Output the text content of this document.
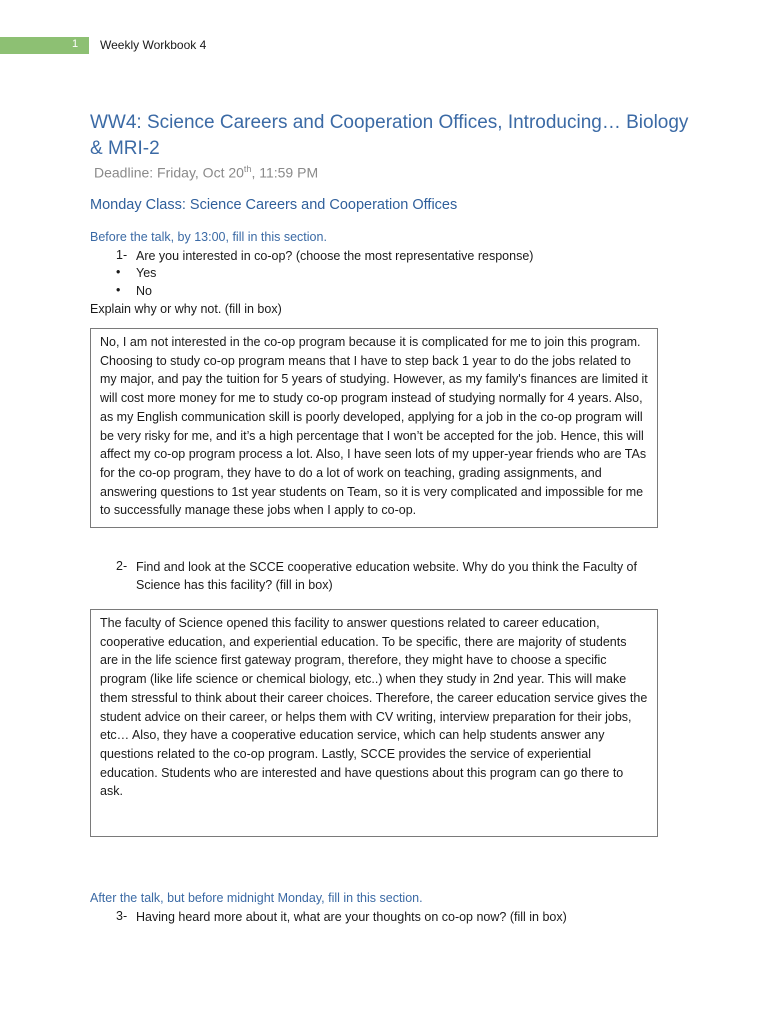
1 Weekly Workbook 4
WW4: Science Careers and Cooperation Offices, Introducing… Biology & MRI-2
Deadline: Friday, Oct 20th, 11:59 PM
Monday Class: Science Careers and Cooperation Offices
Before the talk, by 13:00, fill in this section.
1- Are you interested in co-op? (choose the most representative response)
• Yes
• No
Explain why or why not. (fill in box)
No, I am not interested in the co-op program because it is complicated for me to join this program. Choosing to study co-op program means that I have to step back 1 year to do the jobs related to my major, and pay the tuition for 5 years of studying. However, as my family's finances are limited it will cost more money for me to study co-op program instead of studying normally for 4 years. Also, as my English communication skill is poorly developed, applying for a job in the co-op program will be very risky for me, and it’s a high percentage that I won’t be accepted for the job. Hence, this will affect my co-op program process a lot. Also, I have seen lots of my upper-year friends who are TAs for the co-op program, they have to do a lot of work on teaching, grading assignments, and answering questions to 1st year students on Team, so it is very complicated and impossible for me to successfully manage these jobs when I apply to co-op.
2- Find and look at the SCCE cooperative education website. Why do you think the Faculty of
Science has this facility? (fill in box)
The faculty of Science opened this facility to answer questions related to career education, cooperative education, and experiential education. To be specific, there are majority of students are in the life science first gateway program, therefore, they might have to choose a specific program (like life science or chemical biology, etc..) when they study in 2nd year. This will make them stressful to think about their career choices. Therefore, the career education service gives the student advice on their career, or helps them with CV writing, interview preparation for their jobs, etc… Also, they have a cooperative education service, which can help students answer any questions related to the co-op program. Lastly, SCCE provides the service of experiential education. Students who are interested and have questions about this program can go there to ask.
After the talk, but before midnight Monday, fill in this section.
3- Having heard more about it, what are your thoughts on co-op now? (fill in box)
